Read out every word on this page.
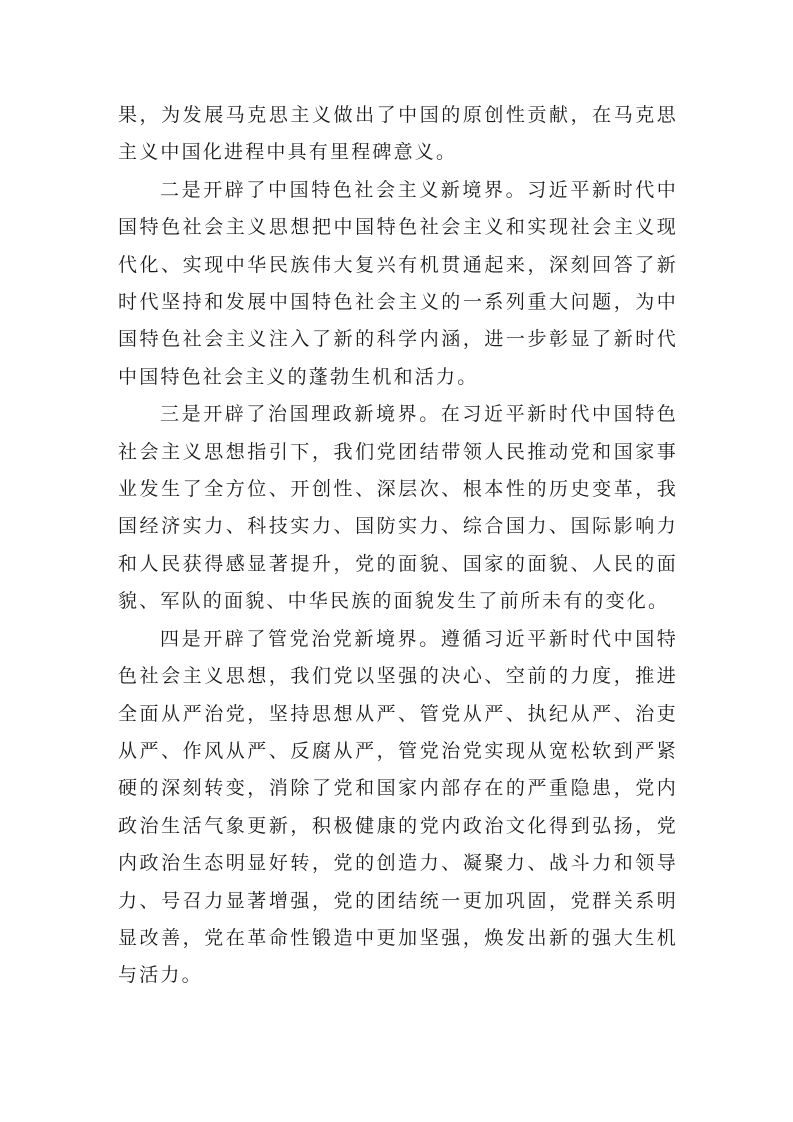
果，为发展马克思主义做出了中国的原创性贡献，在马克思主义中国化进程中具有里程碑意义。

二是开辟了中国特色社会主义新境界。习近平新时代中国特色社会主义思想把中国特色社会主义和实现社会主义现代化、实现中华民族伟大复兴有机贯通起来，深刻回答了新时代坚持和发展中国特色社会主义的一系列重大问题，为中国特色社会主义注入了新的科学内涵，进一步彰显了新时代中国特色社会主义的蓬勃生机和活力。

三是开辟了治国理政新境界。在习近平新时代中国特色社会主义思想指引下，我们党团结带领人民推动党和国家事业发生了全方位、开创性、深层次、根本性的历史变革，我国经济实力、科技实力、国防实力、综合国力、国际影响力和人民获得感显著提升，党的面貌、国家的面貌、人民的面貌、军队的面貌、中华民族的面貌发生了前所未有的变化。

四是开辟了管党治党新境界。遵循习近平新时代中国特色社会主义思想，我们党以坚强的决心、空前的力度，推进全面从严治党，坚持思想从严、管党从严、执纪从严、治吏从严、作风从严、反腐从严，管党治党实现从宽松软到严紧硬的深刻转变，消除了党和国家内部存在的严重隐患，党内政治生活气象更新，积极健康的党内政治文化得到弘扬，党内政治生态明显好转，党的创造力、凝聚力、战斗力和领导力、号召力显著增强，党的团结统一更加巩固，党群关系明显改善，党在革命性锻造中更加坚强，焕发出新的强大生机与活力。
